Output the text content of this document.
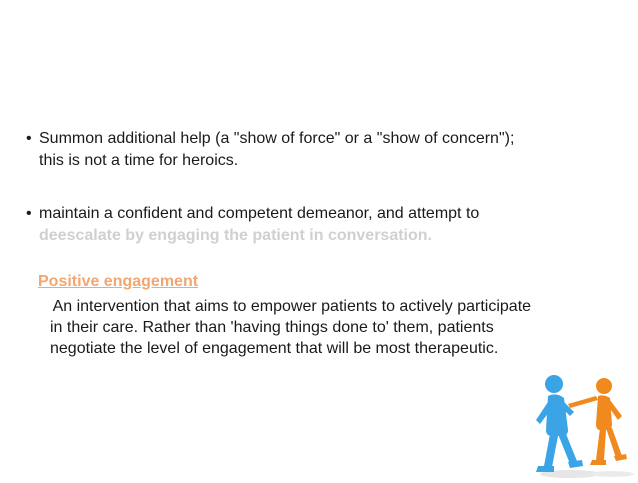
• Summon additional help (a "show of force" or a "show of concern");
this is not a time for heroics.
• maintain a confident and competent demeanor, and attempt to
deescalate by engaging the patient in conversation.
Positive engagement
An intervention that aims to empower patients to actively participate
in their care. Rather than 'having things done to' them, patients
negotiate the level of engagement that will be most therapeutic.
